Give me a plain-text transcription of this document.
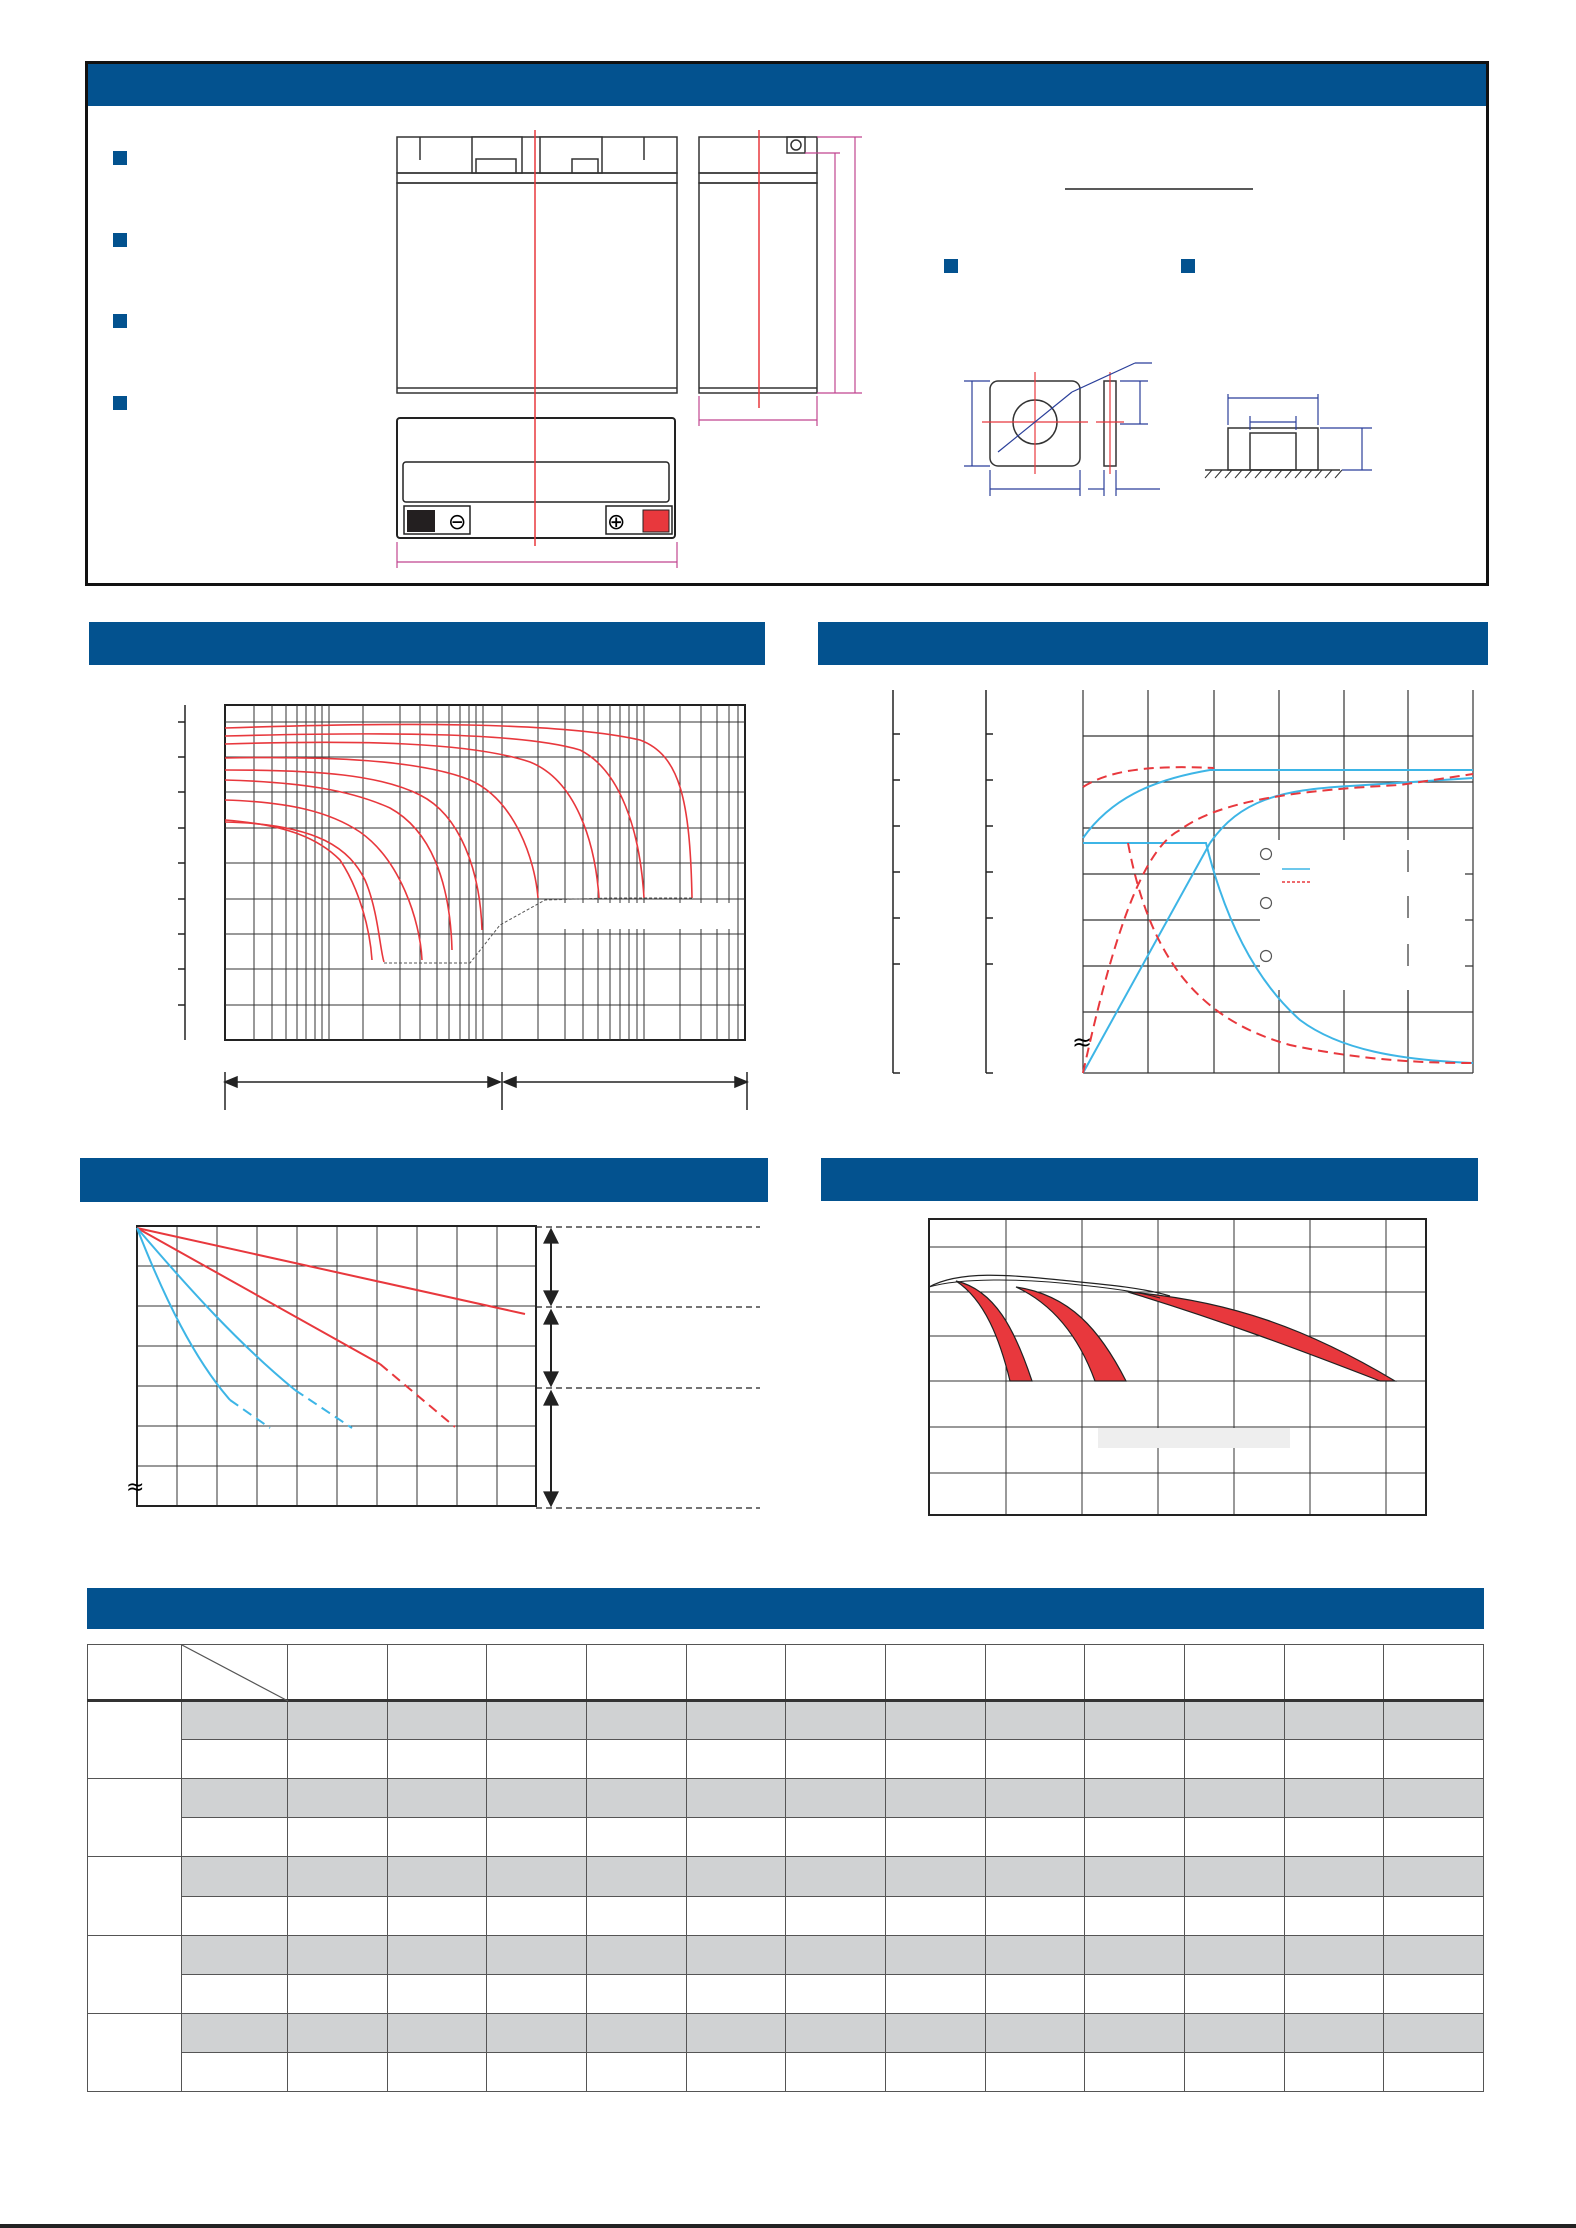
⊖	⊕
≈
≈
